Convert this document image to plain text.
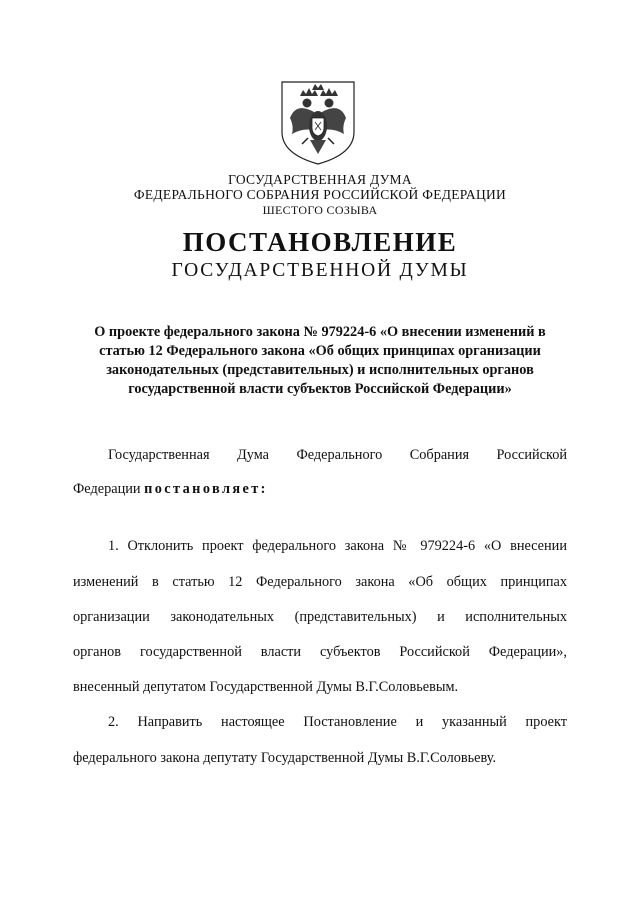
ГОСУДАРСТВЕННАЯ ДУМА
ФЕДЕРАЛЬНОГО СОБРАНИЯ РОССИЙСКОЙ ФЕДЕРАЦИИ
ШЕСТОГО СОЗЫВА
ПОСТАНОВЛЕНИЕ
ГОСУДАРСТВЕННОЙ ДУМЫ
О проекте федерального закона № 979224-6 «О внесении изменений в статью 12 Федерального закона «Об общих принципах организации законодательных (представительных) и исполнительных органов государственной власти субъектов Российской Федерации»
Государственная Дума Федерального Собрания Российской
Федерации постановляет:
1. Отклонить проект федерального закона № 979224-6 «О внесении
изменений в статью 12 Федерального закона «Об общих принципах
организации законодательных (представительных) и исполнительных
органов государственной власти субъектов Российской Федерации»,
внесенный депутатом Государственной Думы В.Г.Соловьевым.
2. Направить настоящее Постановление и указанный проект
федерального закона депутату Государственной Думы В.Г.Соловьеву.
